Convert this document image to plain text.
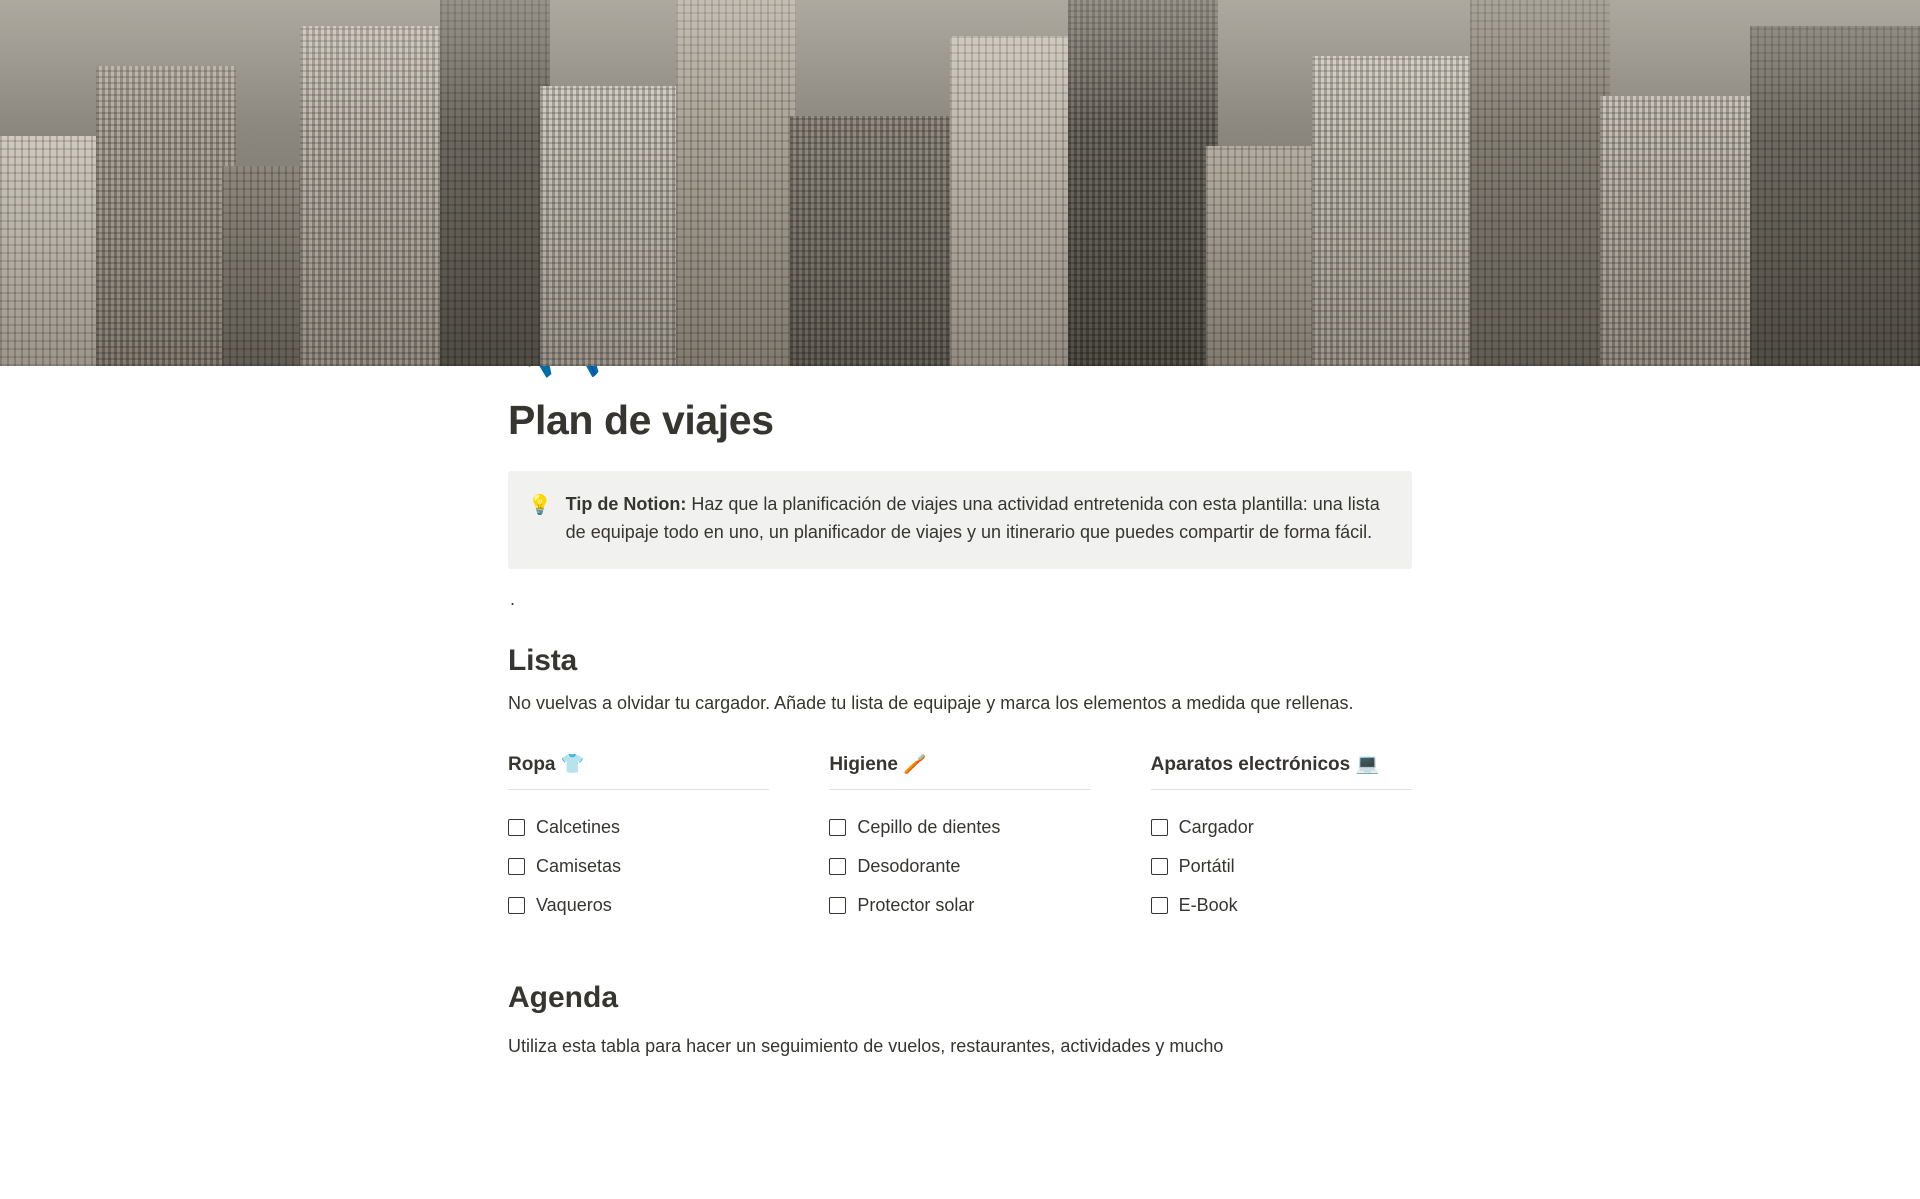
Plan de viajes
💡 Tip de Notion: Haz que la planificación de viajes una actividad entretenida con esta plantilla: una lista de equipaje todo en uno, un planificador de viajes y un itinerario que puedes compartir de forma fácil.
.
Lista

No vuelvas a olvidar tu cargador. Añade tu lista de equipaje y marca los elementos a medida que rellenas.

Ropa 👕
Calcetines
Camisetas
Vaqueros
Higiene 🪥
Cepillo de dientes
Desodorante
Protector solar
Aparatos electrónicos 💻
Cargador
Portátil
E-Book
Agenda

Utiliza esta tabla para hacer un seguimiento de vuelos, restaurantes, actividades y mucho
